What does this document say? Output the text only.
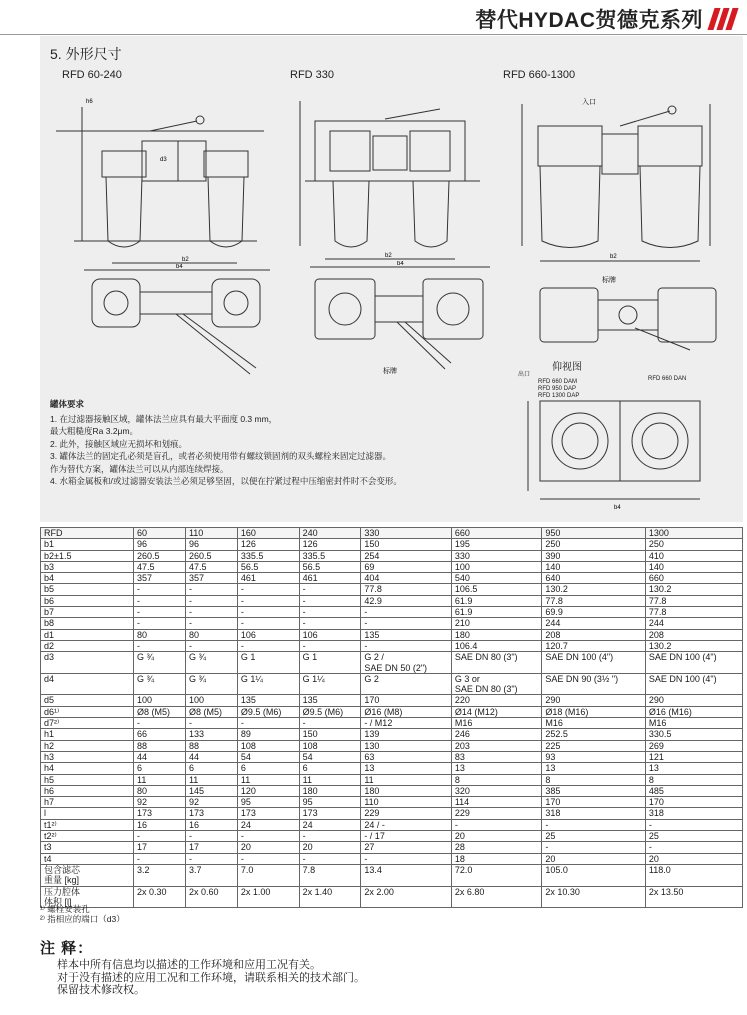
替代HYDAC贺德克系列
5. 外形尺寸
RFD 60-240	RFD 330	RFD 660-1300
h6
d3
b2
b2
入口
b2
b4	b4
标牌
标牌
仰视图
出口
RFD 660 DAM
RFD 950 DAP
RFD 1300 DAP
RFD 660 DAN
b4
罐体要求
1. 在过滤器接触区域，罐体法兰应具有最大平面度 0.3 mm，
最大粗糙度Ra 3.2μm。
2. 此外，接触区域应无损坏和划痕。
3. 罐体法兰的固定孔必须是盲孔，或者必须使用带有螺纹锁固剂的双头螺栓来固定过滤器。
作为替代方案，罐体法兰可以从内部连续焊接。
4. 水箱金属板和/或过滤器安装法兰必须足够坚固，以便在拧紧过程中压缩密封件时不会变形。
RFD	60	110	160	240	330	660	950	1300
b1	96	96	126	126	150	195	250	250
b2±1.5	260.5	260.5	335.5	335.5	254	330	390	410
b3	47.5	47.5	56.5	56.5	69	100	140	140
b4	357	357	461	461	404	540	640	660
b5	-	-	-	-	77.8	106.5	130.2	130.2
b6	-	-	-	-	42.9	61.9	77.8	77.8
b7	-	-	-	-	-	61.9	69.9	77.8
b8	-	-	-	-	-	210	244	244
d1	80	80	106	106	135	180	208	208
d2	-	-	-	-	-	106.4	120.7	130.2
d3	G ¾	G ¾	G 1	G 1	G 2 /
SAE DN 50 (2")	SAE DN 80 (3")	SAE DN 100 (4")	SAE DN 100 (4")
d4	G ¾	G ¾	G 1¼	G 1¼	G 2	G 3 or
SAE DN 80 (3")	SAE DN 90 (3½ ")	SAE DN 100 (4")
d5	100	100	135	135	170	220	290	290
d6¹⁾	Ø8 (M5)	Ø8 (M5)	Ø9.5 (M6)	Ø9.5 (M6)	Ø16 (M8)	Ø14 (M12)	Ø18 (M16)	Ø16 (M16)
d7²⁾	-	-	-	-	- / M12	M16	M16	M16
h1	66	133	89	150	139	246	252.5	330.5
h2	88	88	108	108	130	203	225	269
h3	44	44	54	54	63	83	93	121
h4	6	6	6	6	13	13	13	13
h5	11	11	11	11	11	8	8	8
h6	80	145	120	180	180	320	385	485
h7	92	92	95	95	110	114	170	170
l	173	173	173	173	229	229	318	318
t1²⁾	16	16	24	24	24 / -	-	-	-
t2²⁾	-	-	-	-	- / 17	20	25	25
t3	17	17	20	20	27	28	-	-
t4	-	-	-	-	-	18	20	20
包含滤芯
重量 [kg]	3.2	3.7	7.0	7.8	13.4	72.0	105.0	118.0
压力腔体
体积 [l]	2x 0.30	2x 0.60	2x 1.00	2x 1.40	2x 2.00	2x 6.80	2x 10.30	2x 13.50
¹⁾ 螺栓安装孔
²⁾ 指相应的端口（d3）
注 释：
样本中所有信息均以描述的工作环境和应用工况有关。
对于没有描述的应用工况和工作环境，请联系相关的技术部门。
保留技术修改权。
